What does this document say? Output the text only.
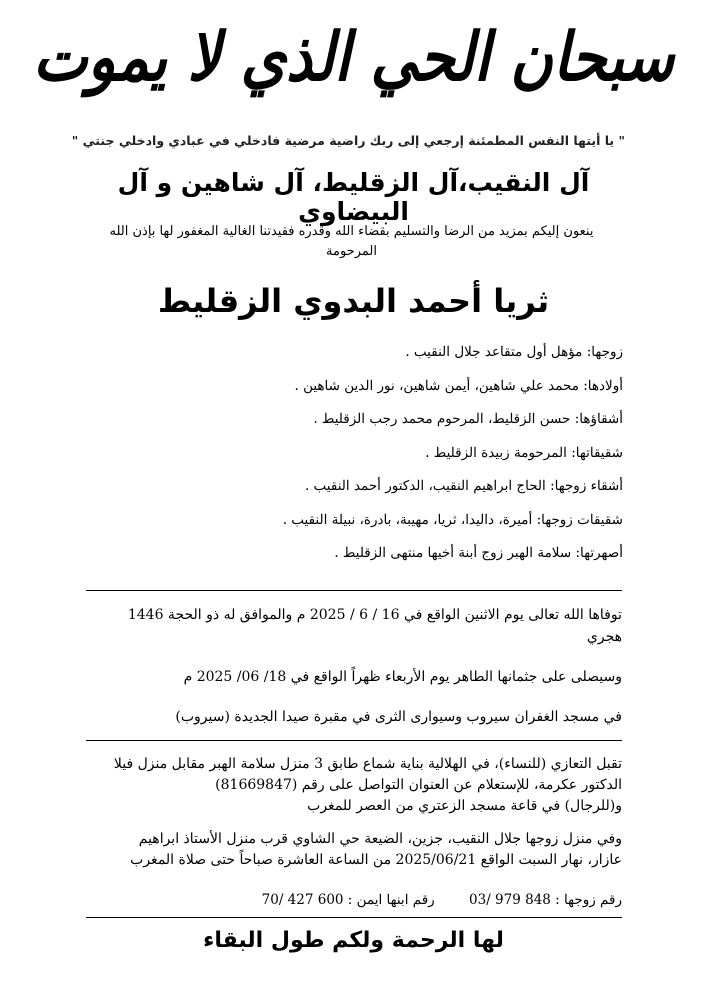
سبحان الحي الذي لا يموت
" يا أيتها النفس المطمئنة إرجعي إلى ربك راضية مرضية فادخلي في عبادي وادخلي جنتي "
آل النقيب،آل الزقليط، آل شاهين و آل البيضاوي
ينعون إليكم بمزيد من الرضا والتسليم بقضاء الله وقدره فقيدتنا الغالية المغفور لها بإذن الله
المرحومة
ثريا أحمد البدوي الزقليط
زوجها: مؤهل أول متقاعد جلال النقيب .
أولادها: محمد علي شاهين، أيمن شاهين، نور الدين شاهين .
أشقاؤها: حسن الزقليط، المرحوم محمد رجب الزقليط .
شقيقاتها: المرحومة زبيدة الزقليط .
أشقاء زوجها: الحاج ابراهيم النقيب، الدكتور أحمد النقيب .
شقيقات زوجها: أميرة، داليدا، ثريا، مهيبة، بادرة، نبيلة النقيب .
أصهرتها: سلامة الهبر زوج أبنة أخيها منتهى الزقليط .

توفاها الله تعالى يوم الاثنين الواقع في 16 / 6 / 2025 م والموافق له ذو الحجة 1446

هجري

وسيصلى على جثمانها الطاهر يوم الأربعاء ظهراً الواقع في 18/ 06/ 2025 م

في مسجد الغفران سيروب وسيوارى الثرى في مقبرة صيدا الجديدة (سيروب)

تقبل التعازي (للنساء)، في الهلالية بناية شماع طابق 3 منزل سلامة الهبر مقابل منزل فيلا

الدكتور عكرمة، للإستعلام عن العنوان التواصل على رقم (81669847)

و(للرجال) في قاعة مسجد الزعتري من العصر للمغرب

وفي منزل زوجها جلال النقيب، جزين، الضيعة حي الشاوي قرب منزل الأستاذ ابراهيم

عازار، نهار السبت الواقع 2025/06/21 من الساعة العاشرة صباحاً حتى صلاة المغرب

رقم زوجها : 848 979 /03 رقم ابنها ايمن : 600 427 /70
لها الرحمة ولكم طول البقاء
